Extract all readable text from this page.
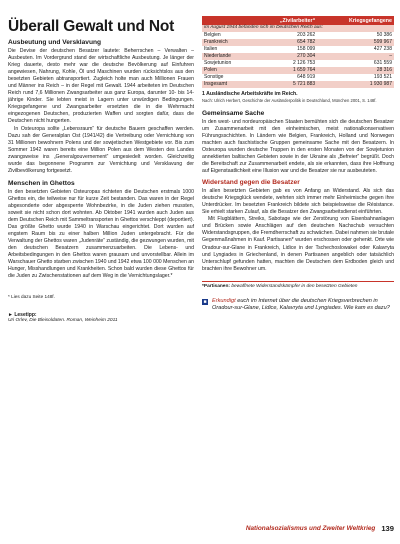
Überall Gewalt und Not
Ausbeutung und Versklavung

Die Devise der deutschen Besatzer lautete: Beherrschen – Verwalten – Ausbeuten. Im Vordergrund stand der wirtschaftliche Ausbeutung. Je länger der Krieg dauerte, desto mehr war die deutsche Bevölkerung auf Einfuhren angewiesen, Nahrung, Kohle, Öl und Maschinen wurden rücksichtslos aus den besetzten Gebieten abtransportiert. Zugleich holte man auch Millionen Frauen und Männer ins Reich – in der Regel mit Gewalt. 1944 arbeiteten im Deutschen Reich rund 7,6 Millionen Zwangsarbeiter aus ganz Europa, darunter 10- bis 14-jährige Kinder. Sie lebten meist in Lagern unter unwürdigen Bedingungen. Kriegsgefangene und Zwangsarbeiter ersetzten die in die Wehrmacht eingezogenen Deutschen, produzierten Waffen und sorgten dafür, dass die Deutschen nicht hungerten.

In Osteuropa sollte „Lebensraum“ für deutsche Bauern geschaffen werden. Dazu sah der Generalplan Ost (1941/42) die Vertreibung oder Vernichtung von 31 Millionen bewohnern Polens und der sowjetischen Westgebiete vor. Bis zum Sommer 1942 waren bereits eine Million Polen aus dem Westen des Landes zwangsweise ins „Generalgouvernement“ umgesiedelt worden. Gleichzeitig wurde das begonnene Programm zur Vernichtung und Versklavung der Zivilbevölkerung fortgesetzt.

Menschen in Ghettos

In den besetzten Gebieten Osteuropas richteten die Deutschen erstmals 1000 Ghettos ein, die teilweise nur für kurze Zeit bestanden. Das waren in der Regel abgesonderte oder abgesperrte Wohnbezirke, in die Juden ziehen mussten, soweit sie nicht schon dort wohnten. Ab Oktober 1941 wurden auch Juden aus dem Deutschen Reich mit Sammeltransporten in Ghettos verschleppt (deportiert). Das größte Ghetto wurde 1940 in Warschau eingerichtet. Dort wurden auf engstem Raum bis zu einer halben Million Juden untergebracht. Für die Verwaltung der Ghettos waren „Judenräte“ zuständig, die gezwungen wurden, mit den deutschen Besatzern zusammenzuarbeiten. Die Lebens- und Arbeitsbedingungen in den Ghettos waren grausam und unvorstellbar. Allein im Warschauer Ghetto starben zwischen 1940 und 1942 etwa 100 000 Menschen an Hunger, Misshandlungen und Krankheiten. Schon bald wurden diese Ghettos für die Juden zu Zwischenstationen auf dem Weg in die Vernichtungslager.*

* Lies dazu Seite 148f.
► Lesetipp:
Uri Orlev, Die Bleisoldaten. Roman, Weinheim 2011
	„Zivilarbeiter“	Kriegsgefangene
im August 1944 befanden sich im Deutschen Reich aus:		
Belgien	203 262	50 386
Frankreich	654 782	599 967
Italien	158 099	427 238
Niederlande	270 304	–
Sowjetunion	2 126 753	631 559
Polen	1 659 764	28 316
Sonstige	648 919	193 521
Insgesamt	5 721 883	1 930 987
1 Ausländische Arbeitskräfte im Reich.
Nach: Ulrich Herbert, Geschichte der Ausländerpolitik in Deutschland, München 2001, S. 148f.
Gemeinsame Sache

In den west- und nordeuropäischen Staaten bemühten sich die deutschen Besatzer um Zusammenarbeit mit den einheimischen, meist nationalkonservativen Führungsschichten. In Ländern wie Belgien, Frankreich, Holland und Norwegen machten auch faschistische Gruppen gemeinsame Sache mit den Besatzern. In Osteuropa wurden deutsche Truppen in den ersten Monaten von der Sowjetunion annektierten baltischen Gebieten sowie in der Ukraine als „Befreier“ begrüßt. Doch die Bereitschaft zur Zusammenarbeit endete, als sie erkannten, dass ihre Hoffnung auf Eigenstaatlichkeit eine Illusion war und die Besatzer sie nur ausbeuteten.

Widerstand gegen die Besatzer

In allen besetzten Gebieten gab es von Anfang an Widerstand. Als sich das deutsche Kriegsglück wendete, wehrten sich immer mehr Einheimische gegen ihre Unterdrücker. Im besetzten Frankreich bildete sich beispielsweise die Résistance. Sie erhielt starken Zulauf, als die Besatzer den Zwangsarbeitsdienst einführten.

Mit Flugblättern, Streiks, Sabotage wie der Zerstörung von Eisenbahnanlagen und Brücken sowie Anschlägen auf den deutschen Nachschub versuchten Widerstandsgruppen, die Fremdherrschaft zu schwächen. Dabei nahmen sie brutale Gegenmaßnahmen in Kauf. Partisanen* wurden erschossen oder gehenkt. Orte wie Oradour-sur-Glane in Frankreich, Lidice in der Tschechoslowakei oder Kalavryta und Lyngiades in Griechenland, in denen Partisanen angeblich oder tatsächlich Unterschlupf gefunden hatten, machten die Deutschen dem Erdboden gleich und brachten ihre Bewohner um.

*Partisanen: bewaffnete Widerstandskämpfer in den besetzten Gebieten
■ Erkundigt euch im Internet über die deutschen Kriegsverbrechen in Oradour-sur-Glane, Lidice, Kalavryta und Lyngiades. Wie kam es dazu?

Nationalsozialismus und Zweiter Weltkrieg 139
